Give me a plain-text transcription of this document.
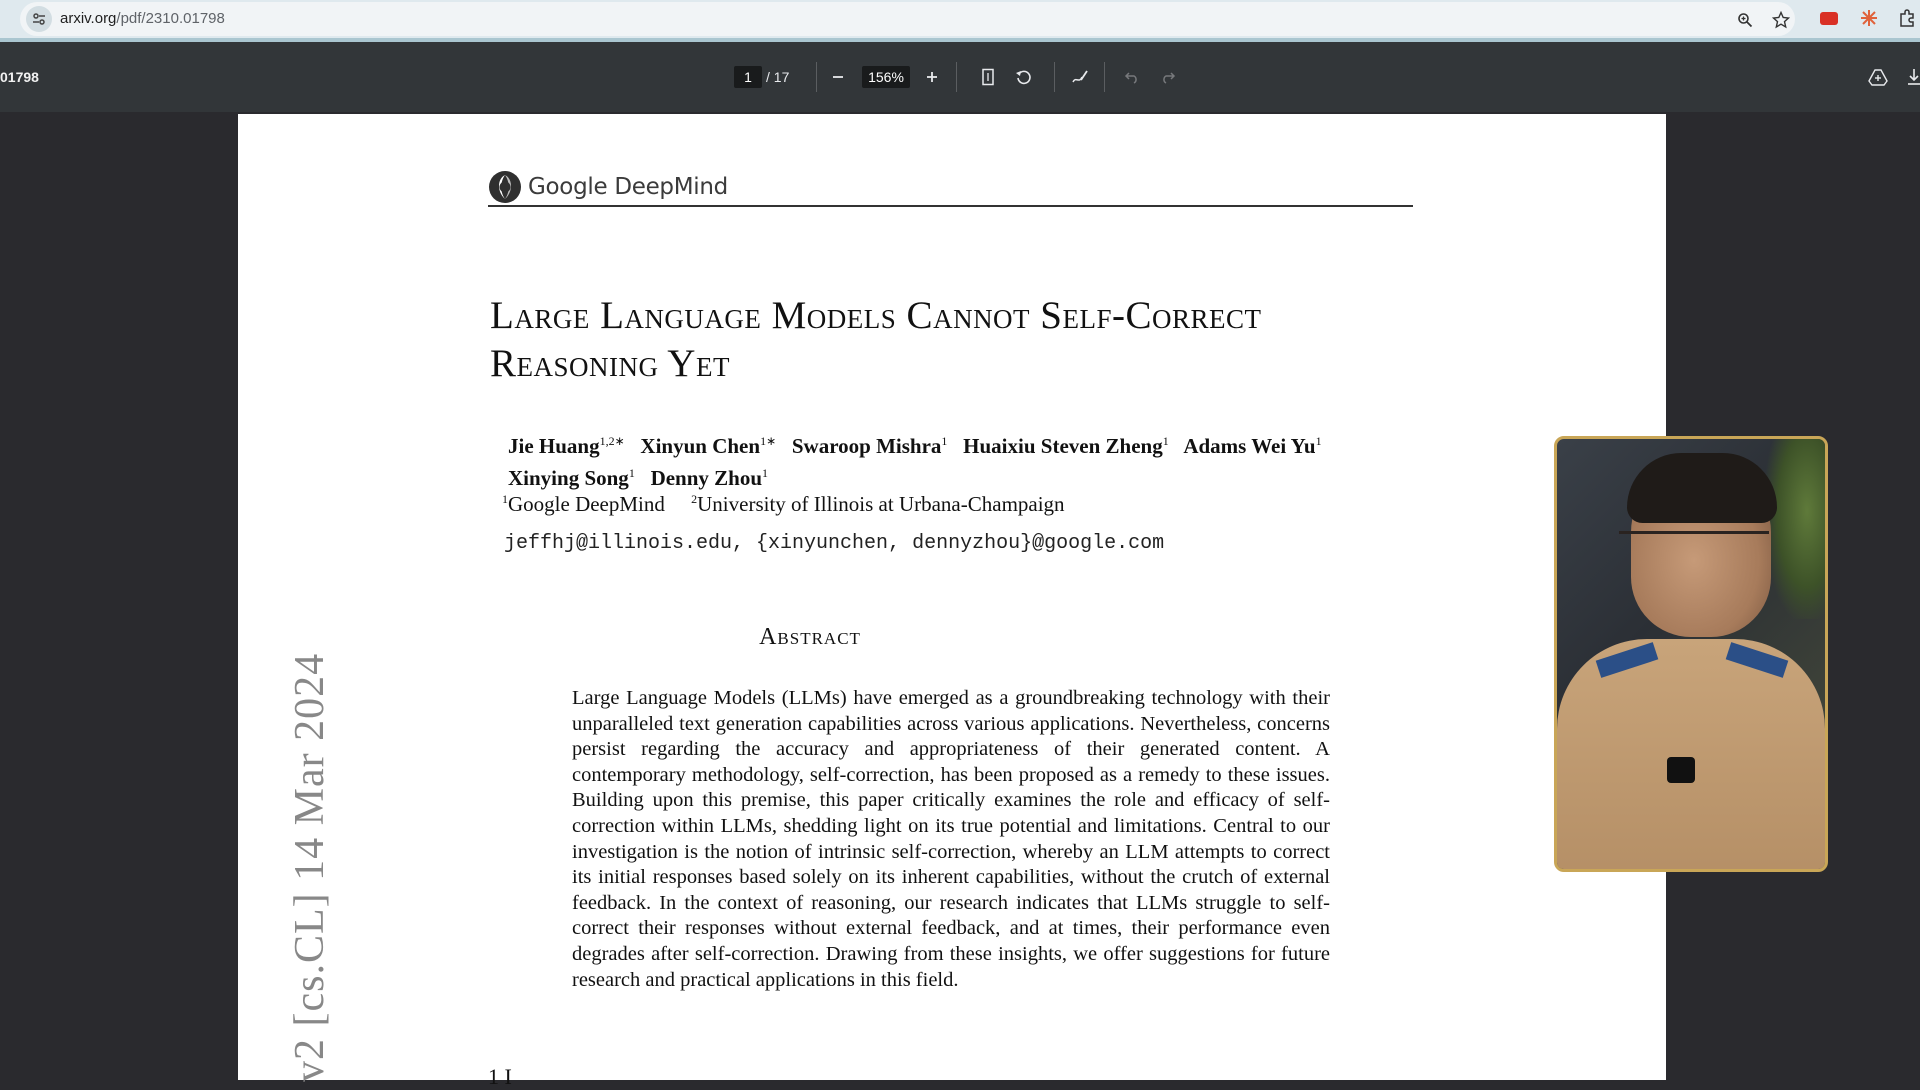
arxiv.org/pdf/2310.01798
01798	1	/ 17	156%
Google DeepMind
Large Language Models Cannot Self-Correct
Reasoning Yet
Jie Huang$^{1,2∗}$ Xinyun Chen$^{1∗}$ Swaroop Mishra$^1$ Huaixiu Steven Zheng$^1$ Adams Wei Yu$^1$
Xinying Song$^1$ Denny Zhou$^1$
$^1$Google DeepMind $^2$University of Illinois at Urbana-Champaign
jeffhj@illinois.edu, {xinyunchen, dennyzhou}@google.com
v2 [cs.CL] 14 Mar 2024
Abstract
Large Language Models (LLMs) have emerged as a groundbreaking technology with their unparalleled text generation capabilities across various applications. Nevertheless, concerns persist regarding the accuracy and appropriateness of their generated content. A contemporary methodology, self-correction, has been proposed as a remedy to these issues. Building upon this premise, this paper critically examines the role and efficacy of self-correction within LLMs, shedding light on its true potential and limitations. Central to our investigation is the notion of intrinsic self-correction, whereby an LLM attempts to correct its initial responses based solely on its inherent capabilities, without the crutch of external feedback. In the context of reasoning, our research indicates that LLMs struggle to self-correct their responses without external feedback, and at times, their performance even degrades after self-correction. Drawing from these insights, we offer suggestions for future research and practical applications in this field.
1 I
